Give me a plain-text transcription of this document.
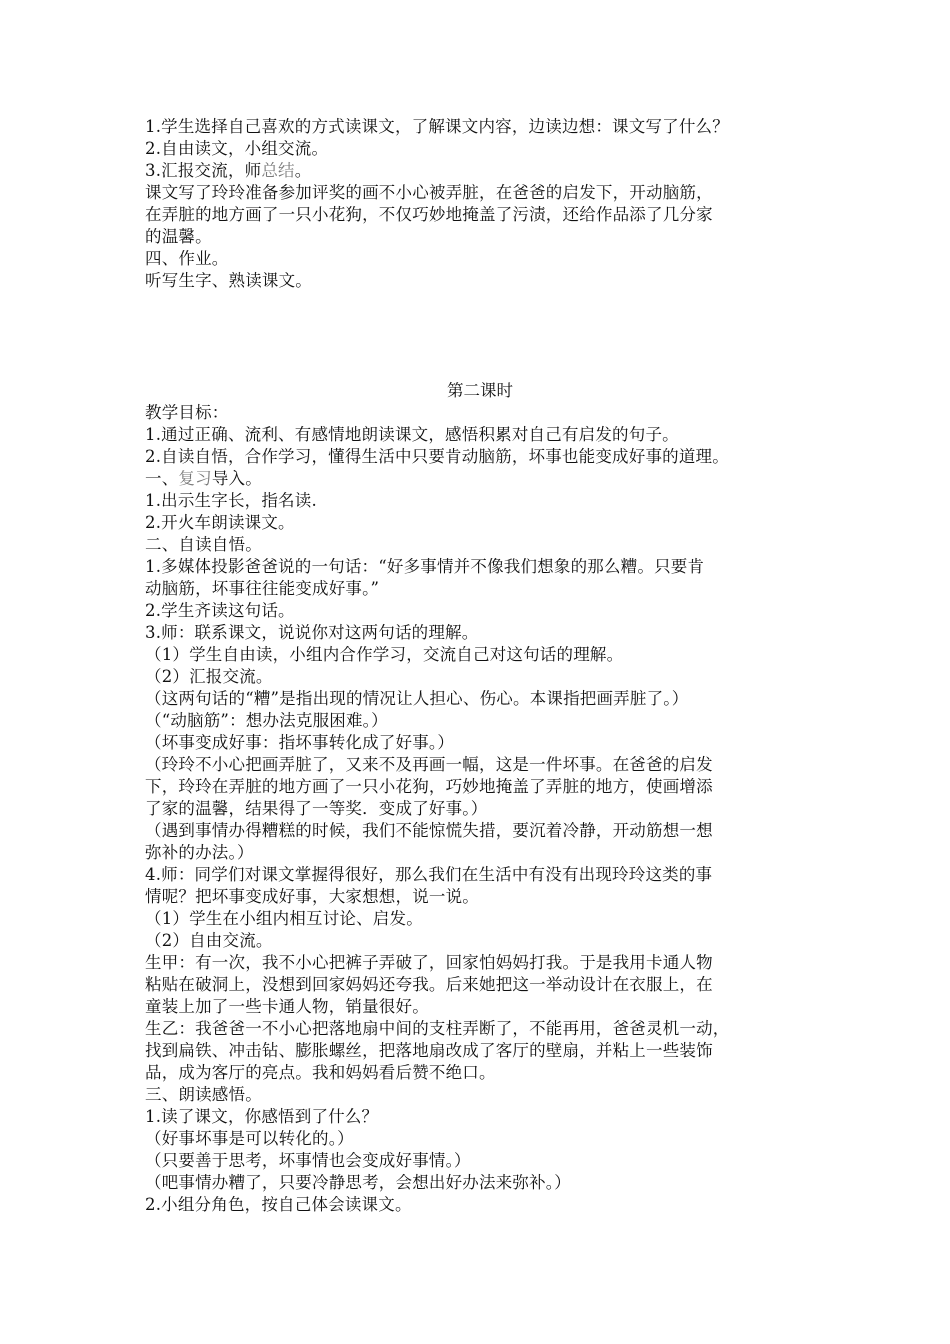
1.学生选择自己喜欢的方式读课文，了解课文内容，边读边想：课文写了什么？
2.自由读文，小组交流。
3.汇报交流，师总结。
课文写了玲玲准备参加评奖的画不小心被弄脏，在爸爸的启发下，开动脑筋，
在弄脏的地方画了一只小花狗，不仅巧妙地掩盖了污渍，还给作品添了几分家
的温馨。
四、作业。
听写生字、熟读课文。
第二课时
教学目标：
1.通过正确、流利、有感情地朗读课文，感悟积累对自己有启发的句子。
2.自读自悟，合作学习，懂得生活中只要肯动脑筋，坏事也能变成好事的道理。
一、复习导入。
1.出示生字长，指名读.
2.开火车朗读课文。
二、自读自悟。
1.多媒体投影爸爸说的一句话：“好多事情并不像我们想象的那么糟。只要肯
动脑筋，坏事往往能变成好事。”
2.学生齐读这句话。
3.师：联系课文，说说你对这两句话的理解。
（1）学生自由读，小组内合作学习，交流自己对这句话的理解。
（2）汇报交流。
（这两句话的“糟”是指出现的情况让人担心、伤心。本课指把画弄脏了。）
（“动脑筋”：想办法克服困难。）
（坏事变成好事：指坏事转化成了好事。）
（玲玲不小心把画弄脏了，又来不及再画一幅，这是一件坏事。在爸爸的启发
下，玲玲在弄脏的地方画了一只小花狗，巧妙地掩盖了弄脏的地方，使画增添
了家的温馨，结果得了一等奖．变成了好事。）
（遇到事情办得糟糕的时候，我们不能惊慌失措，要沉着冷静，开动筋想一想
弥补的办法。）
4.师：同学们对课文掌握得很好，那么我们在生活中有没有出现玲玲这类的事
情呢？把坏事变成好事，大家想想，说一说。
（1）学生在小组内相互讨论、启发。
（2）自由交流。
生甲：有一次，我不小心把裤子弄破了，回家怕妈妈打我。于是我用卡通人物
粘贴在破洞上，没想到回家妈妈还夸我。后来她把这一举动设计在衣服上，在
童装上加了一些卡通人物，销量很好。
生乙：我爸爸一不小心把落地扇中间的支柱弄断了，不能再用，爸爸灵机一动，
找到扁铁、冲击钻、膨胀螺丝，把落地扇改成了客厅的壁扇，并粘上一些装饰
品，成为客厅的亮点。我和妈妈看后赞不绝口。
三、朗读感悟。
1.读了课文，你感悟到了什么？
（好事坏事是可以转化的。）
（只要善于思考，坏事情也会变成好事情。）
（吧事情办糟了，只要冷静思考，会想出好办法来弥补。）
2.小组分角色，按自己体会读课文。
